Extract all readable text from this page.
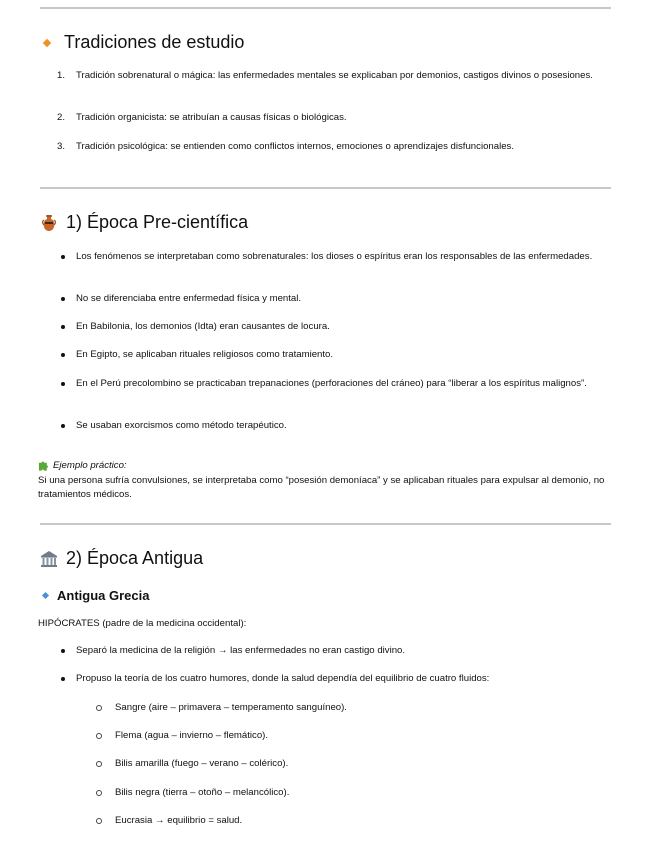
Tradiciones de estudio
1.	Tradición sobrenatural o mágica: las enfermedades mentales se explicaban por demonios, castigos divinos o posesiones.
2.	Tradición organicista: se atribuían a causas físicas o biológicas.
3.	Tradición psicológica: se entienden como conflictos internos, emociones o aprendizajes disfuncionales.
1) Época Pre-científica
Los fenómenos se interpretaban como sobrenaturales: los dioses o espíritus eran los responsables de las enfermedades.
No se diferenciaba entre enfermedad física y mental.
En Babilonia, los demonios (Idta) eran causantes de locura.
En Egipto, se aplicaban rituales religiosos como tratamiento.
En el Perú precolombino se practicaban trepanaciones (perforaciones del cráneo) para “liberar a los espíritus malignos”.
Se usaban exorcismos como método terapéutico.
Ejemplo práctico:
Si una persona sufría convulsiones, se interpretaba como “posesión demoníaca” y se aplicaban rituales para expulsar al demonio, no tratamientos médicos.
2) Época Antigua
Antigua Grecia
HIPÓCRATES (padre de la medicina occidental):
Separó la medicina de la religión → las enfermedades no eran castigo divino.
Propuso la teoría de los cuatro humores, donde la salud dependía del equilibrio de cuatro fluidos:
Sangre (aire – primavera – temperamento sanguíneo).
Flema (agua – invierno – flemático).
Bilis amarilla (fuego – verano – colérico).
Bilis negra (tierra – otoño – melancólico).
Eucrasia → equilibrio = salud.
